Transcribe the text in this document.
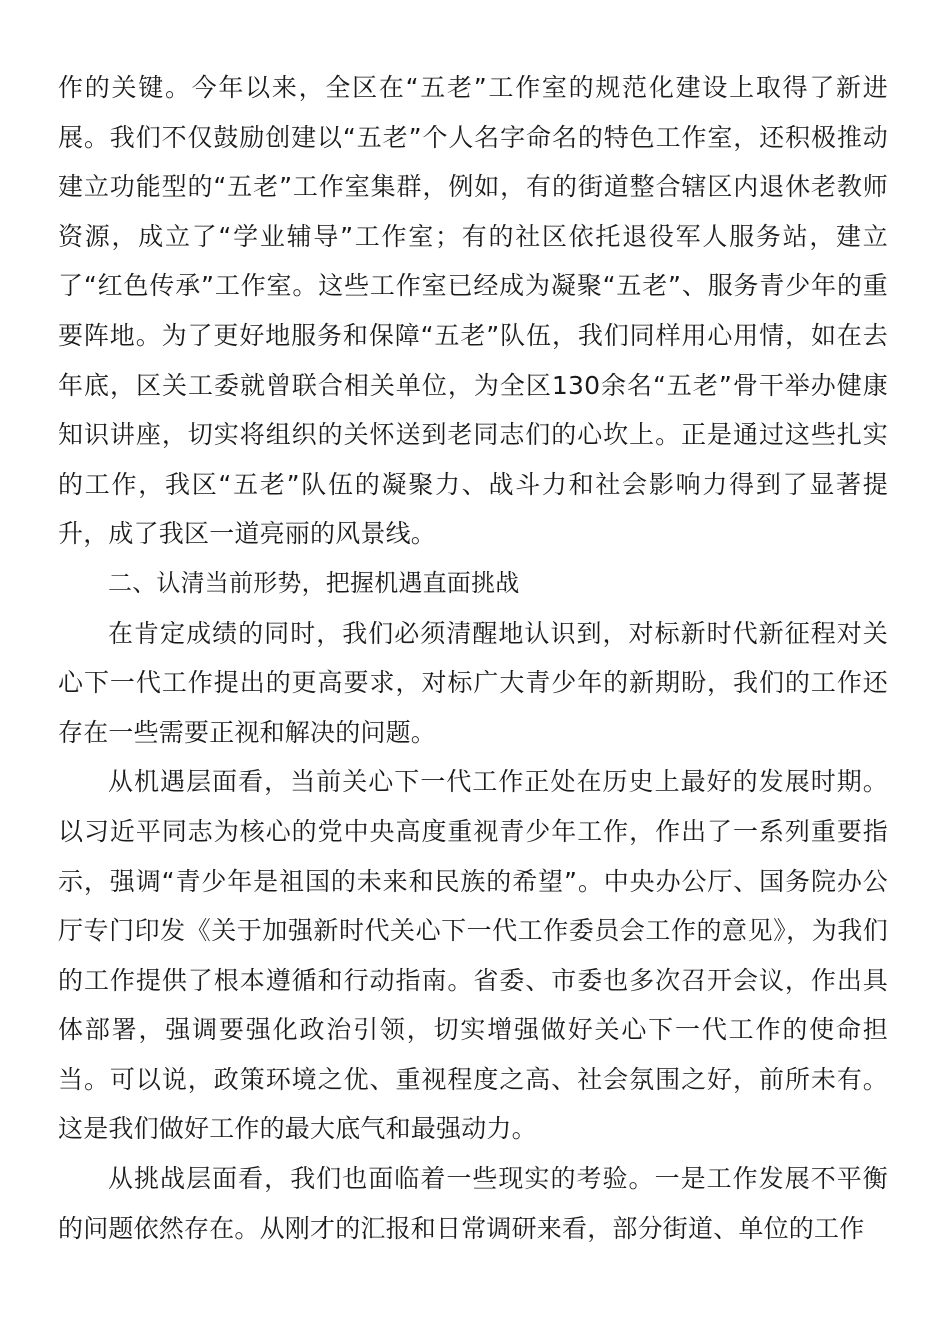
作的关键。今年以来，全区在“五老”工作室的规范化建设上取得了新进展。我们不仅鼓励创建以“五老”个人名字命名的特色工作室，还积极推动建立功能型的“五老”工作室集群，例如，有的街道整合辖区内退休老教师资源，成立了“学业辅导”工作室；有的社区依托退役军人服务站，建立了“红色传承”工作室。这些工作室已经成为凝聚“五老”、服务青少年的重要阵地。为了更好地服务和保障“五老”队伍，我们同样用心用情，如在去年底，区关工委就曾联合相关单位，为全区130余名“五老”骨干举办健康知识讲座，切实将组织的关怀送到老同志们的心坎上。正是通过这些扎实的工作，我区“五老”队伍的凝聚力、战斗力和社会影响力得到了显著提升，成了我区一道亮丽的风景线。

二、认清当前形势，把握机遇直面挑战

在肯定成绩的同时，我们必须清醒地认识到，对标新时代新征程对关心下一代工作提出的更高要求，对标广大青少年的新期盼，我们的工作还存在一些需要正视和解决的问题。

从机遇层面看，当前关心下一代工作正处在历史上最好的发展时期。以习近平同志为核心的党中央高度重视青少年工作，作出了一系列重要指示，强调“青少年是祖国的未来和民族的希望”。中央办公厅、国务院办公厅专门印发《关于加强新时代关心下一代工作委员会工作的意见》，为我们的工作提供了根本遵循和行动指南。省委、市委也多次召开会议，作出具体部署，强调要强化政治引领，切实增强做好关心下一代工作的使命担当。可以说，政策环境之优、重视程度之高、社会氛围之好，前所未有。这是我们做好工作的最大底气和最强动力。

从挑战层面看，我们也面临着一些现实的考验。一是工作发展不平衡的问题依然存在。从刚才的汇报和日常调研来看，部分街道、单位的工作
